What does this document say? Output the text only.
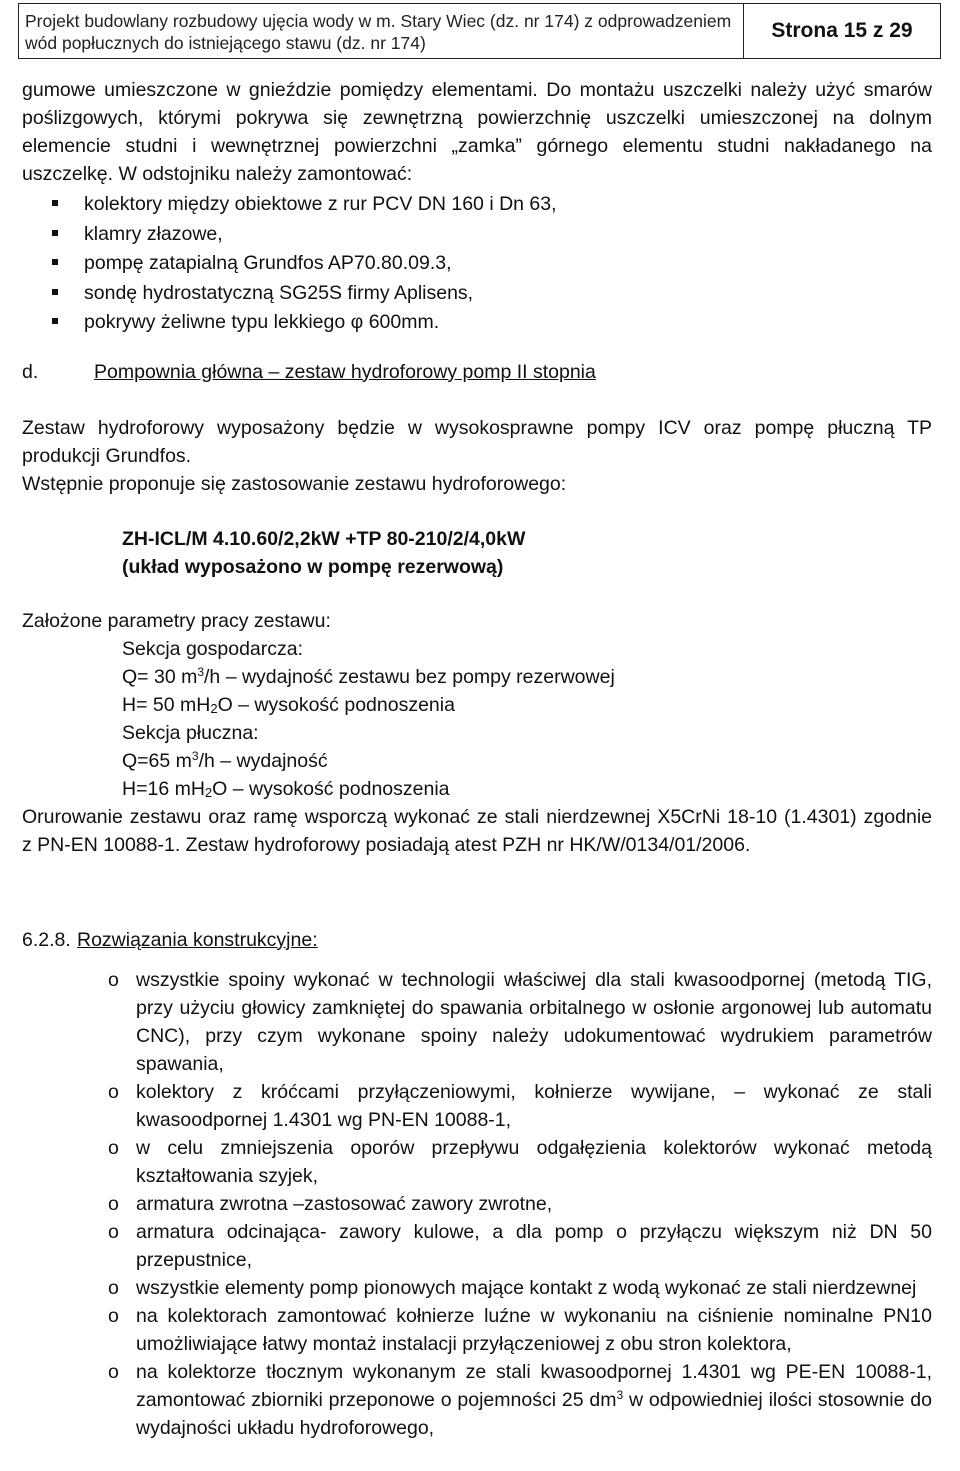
Projekt budowlany rozbudowy ujęcia wody w m. Stary Wiec (dz. nr 174) z odprowadzeniem
wód popłucznych do istniejącego stawu (dz. nr 174)
Strona 15 z 29

gumowe umieszczone w gnieździe pomiędzy elementami. Do montażu uszczelki należy użyć smarów

poślizgowych, którymi pokrywa się zewnętrzną powierzchnię uszczelki umieszczonej na dolnym

elemencie studni i wewnętrznej powierzchni „zamka” górnego elementu studni nakładanego na

uszczelkę. W odstojniku należy zamontować:

kolektory między obiektowe z rur PCV DN 160 i Dn 63,
klamry złazowe,
pompę zatapialną Grundfos AP70.80.09.3,
sondę hydrostatyczną SG25S firmy Aplisens,
pokrywy żeliwne typu lekkiego φ 600mm.
d.	Pompownia główna – zestaw hydroforowy pomp II stopnia

Zestaw hydroforowy wyposażony będzie w wysokosprawne pompy ICV oraz pompę płuczną TP

produkcji Grundfos.

Wstępnie proponuje się zastosowanie zestawu hydroforowego:

ZH-ICL/M 4.10.60/2,2kW +TP 80-210/2/4,0kW
(układ wyposażono w pompę rezerwową)
Założone parametry pracy zestawu:
Sekcja gospodarcza:
Q= 30 $m^3/h$ – wydajność zestawu bez pompy rezerwowej
H= 50 $mH_2O$ – wysokość podnoszenia
Sekcja płuczna:
Q=65 $m^3/h$ – wydajność
H=16 $mH_2O$ – wysokość podnoszenia

Orurowanie zestawu oraz ramę wsporczą wykonać ze stali nierdzewnej X5CrNi 18-10 (1.4301) zgodnie

z PN-EN 10088-1. Zestaw hydroforowy posiadają atest PZH nr HK/W/0134/01/2006.

6.2.8. Rozwiązania konstrukcyjne:
o wszystkie spoiny wykonać w technologii właściwej dla stali kwasoodpornej (metodą TIG, przy użyciu głowicy zamkniętej do spawania orbitalnego w osłonie argonowej lub automatu CNC), przy czym wykonane spoiny należy udokumentować wydrukiem parametrów spawania,
o kolektory z króćcami przyłączeniowymi, kołnierze wywijane, – wykonać ze stali kwasoodpornej 1.4301 wg PN-EN 10088-1,
o w celu zmniejszenia oporów przepływu odgałęzienia kolektorów wykonać metodą kształtowania szyjek,
o armatura zwrotna –zastosować zawory zwrotne,
o armatura odcinająca- zawory kulowe, a dla pomp o przyłączu większym niż DN 50 przepustnice,
o wszystkie elementy pomp pionowych mające kontakt z wodą wykonać ze stali nierdzewnej
o na kolektorach zamontować kołnierze luźne w wykonaniu na ciśnienie nominalne PN10 umożliwiające łatwy montaż instalacji przyłączeniowej z obu stron kolektora,
o na kolektorze tłocznym wykonanym ze stali kwasoodpornej 1.4301 wg PE-EN 10088-1, zamontować zbiorniki przeponowe o pojemności 25 $dm^3$ w odpowiedniej ilości stosownie do wydajności układu hydroforowego,
